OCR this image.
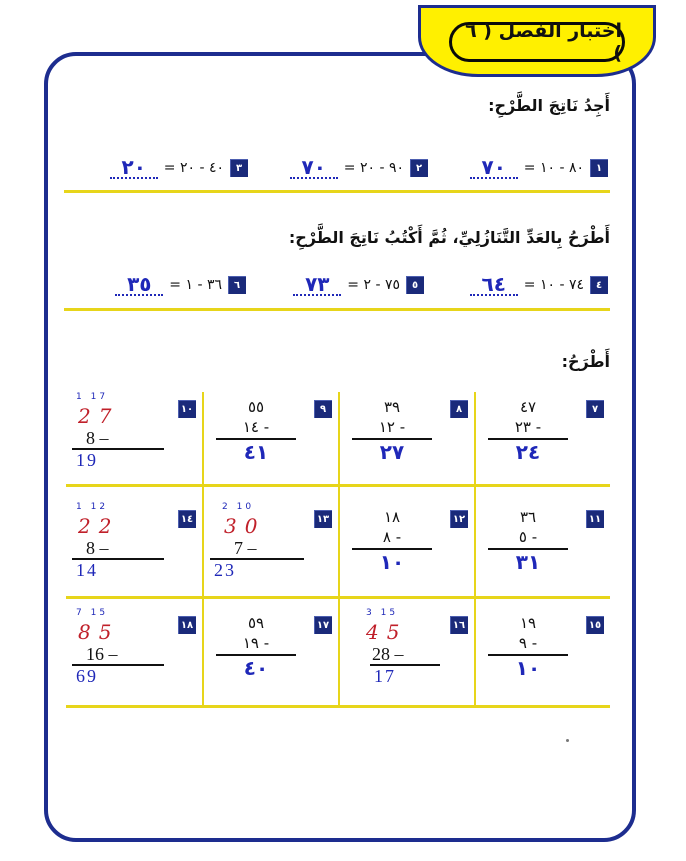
اختبار الفصل ( ٦ )
أَجِدُ نَاتِجَ الطَّرْحِ:
١
٨٠ - ١٠ =
٧٠
٢
٩٠ - ٢٠ =
٧٠
٣
٤٠ - ٢٠ =
٢٠
أَطْرَحُ بِالعَدِّ التَّنَازُلِيِّ، ثُمَّ أَكْتُبُ نَاتِجَ الطَّرْحِ:
٤
٧٤ - ١٠ =
٦٤
٥
٧٥ - ٢ =
٧٣
٦
٣٦ - ١ =
٣٥
أَطْرَحُ:
٧
٤٧
٢٣ -
٢٤
٨
٣٩
١٢ -
٢٧
٩
٥٥
١٤ -
٤١
١٠
1 17
27
8 –
19
١١
٣٦
٥ -
٣١
١٢
١٨
٨ -
١٠
١٣
2 10
30
7 –
23
١٤
1 12
22
8 –
14
١٥
١٩
٩ -
١٠
١٦
3 15
45
28 –
17
١٧
٥٩
١٩ -
٤٠
١٨
7 15
85
16 –
69
